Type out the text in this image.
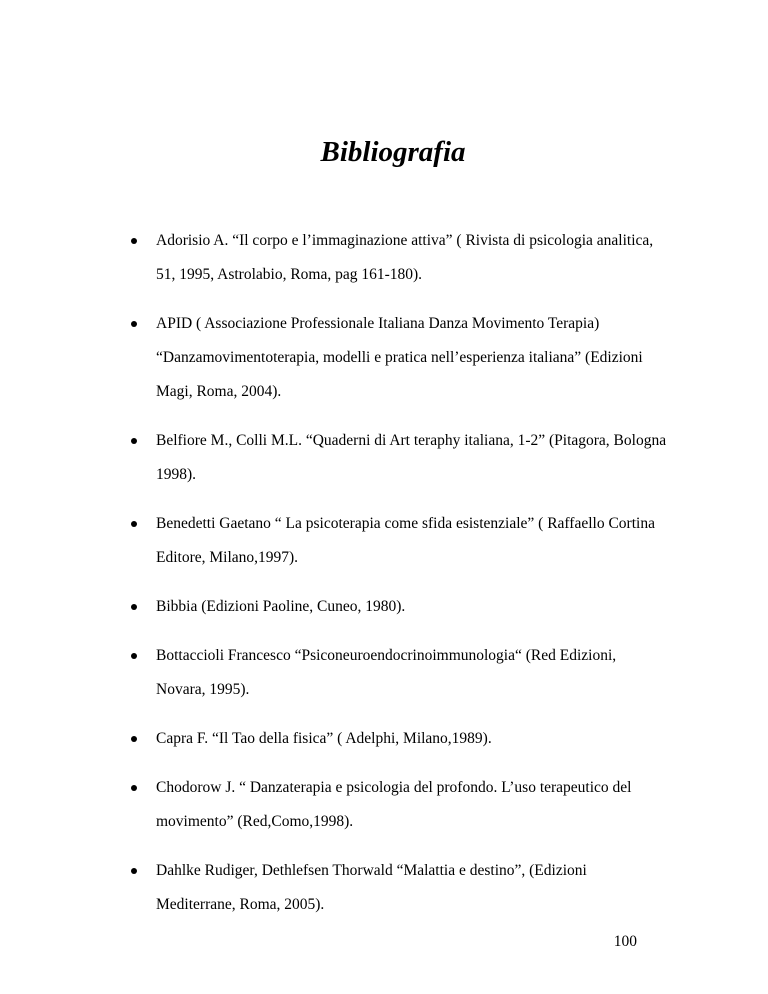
Bibliografia
Adorisio A. “Il corpo e l’immaginazione attiva” ( Rivista di psicologia analitica, 51, 1995, Astrolabio, Roma, pag 161-180).
APID ( Associazione Professionale Italiana Danza Movimento Terapia) “Danzamovimentoterapia, modelli e pratica nell’esperienza italiana” (Edizioni Magi, Roma, 2004).
Belfiore M., Colli M.L. “Quaderni di Art teraphy italiana, 1-2” (Pitagora, Bologna 1998).
Benedetti Gaetano “ La psicoterapia come sfida esistenziale” ( Raffaello Cortina Editore, Milano,1997).
Bibbia (Edizioni Paoline, Cuneo, 1980).
Bottaccioli Francesco “Psiconeuroendocrinoimmunologia“ (Red Edizioni, Novara, 1995).
Capra F. “Il Tao della fisica” ( Adelphi, Milano,1989).
Chodorow J. “ Danzaterapia e psicologia del profondo. L’uso terapeutico del movimento” (Red,Como,1998).
Dahlke Rudiger, Dethlefsen Thorwald “Malattia e destino”, (Edizioni Mediterrane, Roma, 2005).
100
